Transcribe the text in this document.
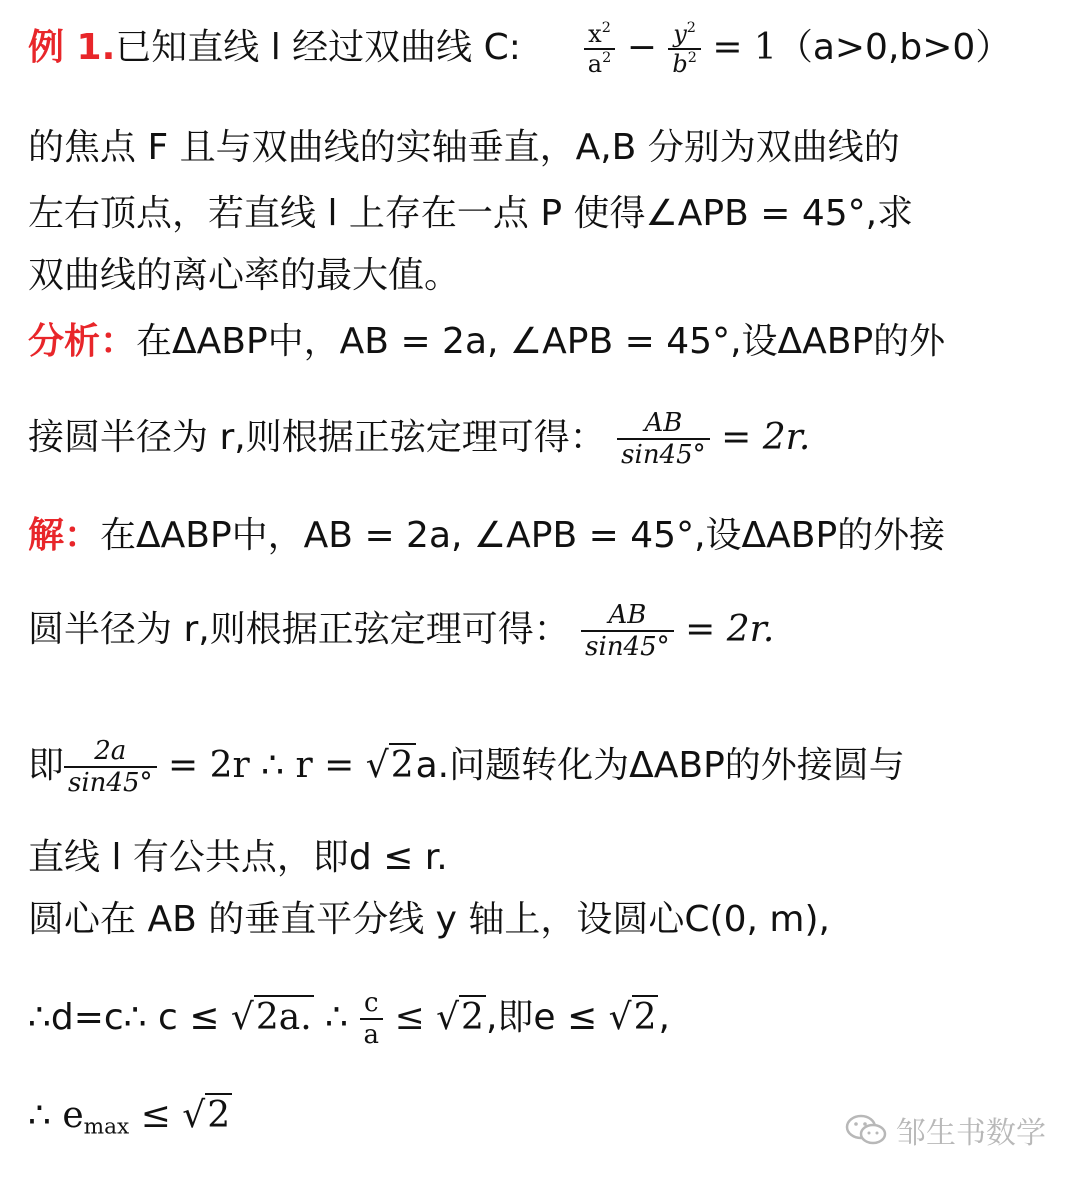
例 1.已知直线 l 经过双曲线 C:	$\frac{x^2}{a^2} - \frac{y^2}{b^2} = 1(a>0,b>0)$
的焦点 F 且与双曲线的实轴垂直，A,B 分别为双曲线的
左右顶点，若直线 l 上存在一点 P 使得∠APB = 45°,求
双曲线的离心率的最大值。
分析：在ΔABP中，AB = 2a, ∠APB = 45°,设ΔABP的外
接圆半径为 r,则根据正弦定理可得： $\frac{AB}{\sin 45^\circ} = 2r$.
解：在ΔABP中，AB = 2a, ∠APB = 45°,设ΔABP的外接
圆半径为 r,则根据正弦定理可得： $\frac{AB}{\sin 45^\circ} = 2r$.
即 $\frac{2a}{\sin 45^\circ} = 2r$ ∴ r = √2a.问题转化为ΔABP的外接圆与
直线 l 有公共点，即d ≤ r.
圆心在 AB 的垂直平分线 y 轴上，设圆心C(0, m),
∴d=c∴ c ≤ √2a. ∴ $\frac{c}{a} \le √2$,即e ≤ √2,
∴ $e_{max} \le √2$	邹生书数学
